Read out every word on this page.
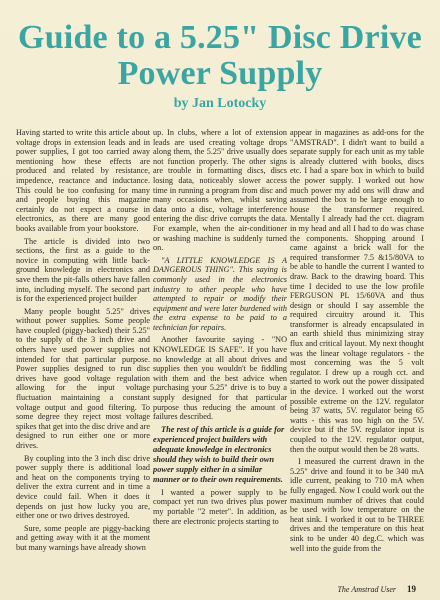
Guide to a 5.25" Disc Drive
Power Supply
by Jan Lotocky

Having started to write this article about voltage drops in extension leads and in power supplies, I got too carried away mentioning how these effects are produced and related by resistance, impedence, reactance and inductance. This could be too confusing for many and people buying this magazine certainly do not expect a course in electronics, as there are many good books available from your bookstore.

The article is divided into two sections, the first as a guide to the novice in computing with little back-ground knowledge in electronics and save them the pit-falls others have fallen into, including myself. The second part is for the experienced project builder

Many people bought 5.25" drives without power supplies. Some people have coupled (piggy-backed) their 5.25" to the supply of the 3 inch drive and others have used power supplies not intended for that particular purpose. Power supplies designed to run disc drives have good voltage regulation allowing for the input voltage fluctuation maintaining a constant voltage output and good filtering. To some degree they reject most voltage spikes that get into the disc drive and are designed to run either one or more drives.

By coupling into the 3 inch disc drive power supply there is additional load and heat on the components trying to deliver the extra current and in time a device could fail. When it does it depends on just how lucky you are, either one or two drives destroyed.

Sure, some people are piggy-backing and getting away with it at the moment but many warnings have already shown

up. In clubs, where a lot of extension leads are used creating voltage drops along them, the 5.25" drive usually does not function properly. The other signs are trouble in formatting discs, discs losing data, noticeably slower access time in running a program from disc and many occasions when, whilst saving data onto a disc, voltage interference entering the disc drive corrupts the data. For example, when the air-conditioner or washing machine is suddenly turned on.

"A LITTLE KNOWLEDGE IS A DANGEROUS THING". This saying is commonly used in the electronics industry to other people who have attempted to repair or modify their equipment and were later burdened with the extra expense to be paid to a technician for repairs.

Another favourite saying - "NO KNOWLEDGE IS SAFE". If you have no knowledge at all about drives and supplies then you wouldn't be fiddling with them and the best advice when purchasing your 5.25" drive is to buy a supply designed for that particular purpose thus reducing the amount of failures described.

The rest of this article is a guide for experienced project builders with adequate knowledge in electronics should they wish to build their own power supply either in a similar manner or to their own requirements.

I wanted a power supply to be compact yet run two drives plus power my portable "2 meter". In addition, as there are electronic projects starting to

appear in magazines as add-ons for the "AMSTRAD". I didn't want to build a separate supply for each unit as my table is already cluttered with books, discs etc. I had a spare box in which to build the power supply. I worked out how much power my add ons will draw and assumed the box to be large enough to house the transformer required. Mentally I already had the cct. diagram in my head and all I had to do was chase the components. Shopping around I came against a brick wall for the required transformer 7.5 &15/80VA to be able to handle the current I wanted to draw. Back to the drawing board. This time I decided to use the low profile FERGUSON PL 15/60VA and thus design or should I say assemble the required circuitry around it. This transformer is already encapsulated in an earth shield thus minimizing stray flux and critical layout. My next thought was the linear voltage regulators - the most concerning was the 5 volt regulator. I drew up a rough cct. and started to work out the power dissipated in the device. I worked out the worst possible extreme on the 12V. regulator being 37 watts, 5V. regulator being 65 watts - this was too high on the 5V. device but if the 5V. regulator input is coupled to the 12V. regulator output, then the output would then be 28 watts.

I measured the current drawn in the 5.25" drive and found it to be 340 mA idle current, peaking to 710 mA when fully engaged. Now I could work out the maximum number of drives that could be used with low temperature on the heat sink. I worked it out to be THREE drives and the temperature on this heat sink to be under 40 deg.C. which was well into the guide from the

The Amstrad User 19
